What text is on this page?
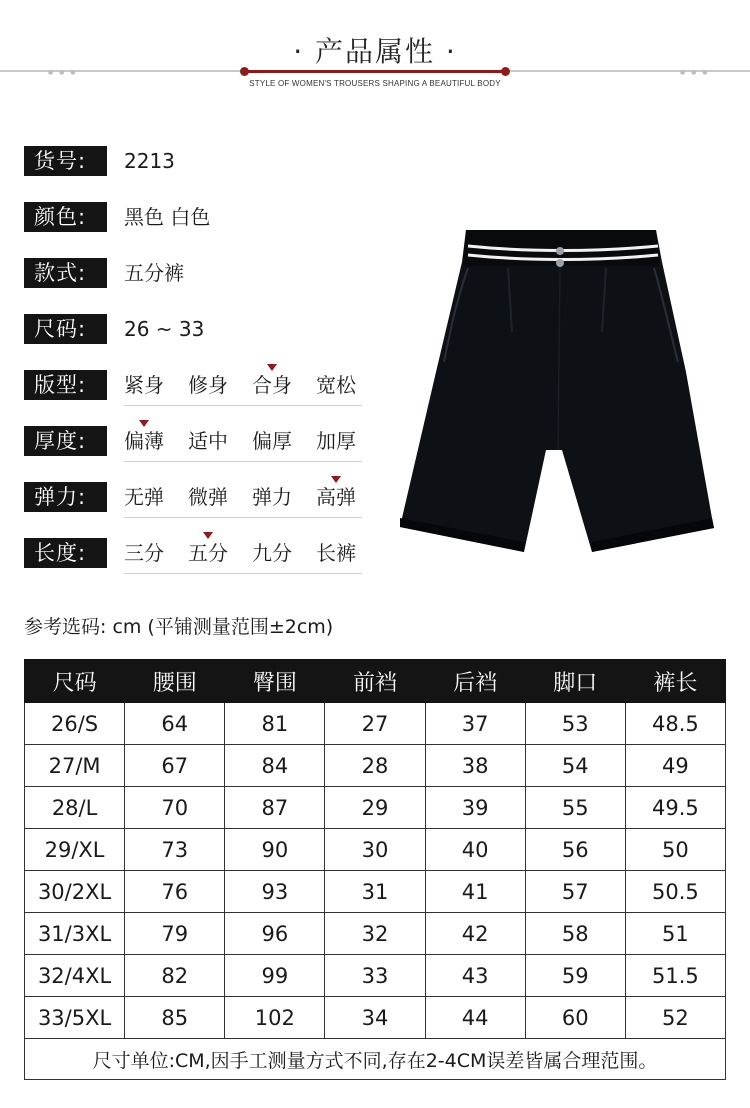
· 产品属性 ·
● ● ●	● ● ●
STYLE OF WOMEN'S TROUSERS SHAPING A BEAUTIFUL BODY
货号:	2213
颜色:	黑色 白色
款式:	五分裤
尺码:	26 ~ 33
版型:	紧身 修身 合身 宽松
厚度:	偏薄 适中 偏厚 加厚
弹力:	无弹 微弹 弹力 高弹
长度:	三分 五分 九分 长裤
参考选码: cm (平铺测量范围±2cm)
尺码	腰围	臀围	前裆	后裆	脚口	裤长
26/S	64	81	27	37	53	48.5
27/M	67	84	28	38	54	49
28/L	70	87	29	39	55	49.5
29/XL	73	90	30	40	56	50
30/2XL	76	93	31	41	57	50.5
31/3XL	79	96	32	42	58	51
32/4XL	82	99	33	43	59	51.5
33/5XL	85	102	34	44	60	52
尺寸单位:CM,因手工测量方式不同,存在2-4CM误差皆属合理范围。						
